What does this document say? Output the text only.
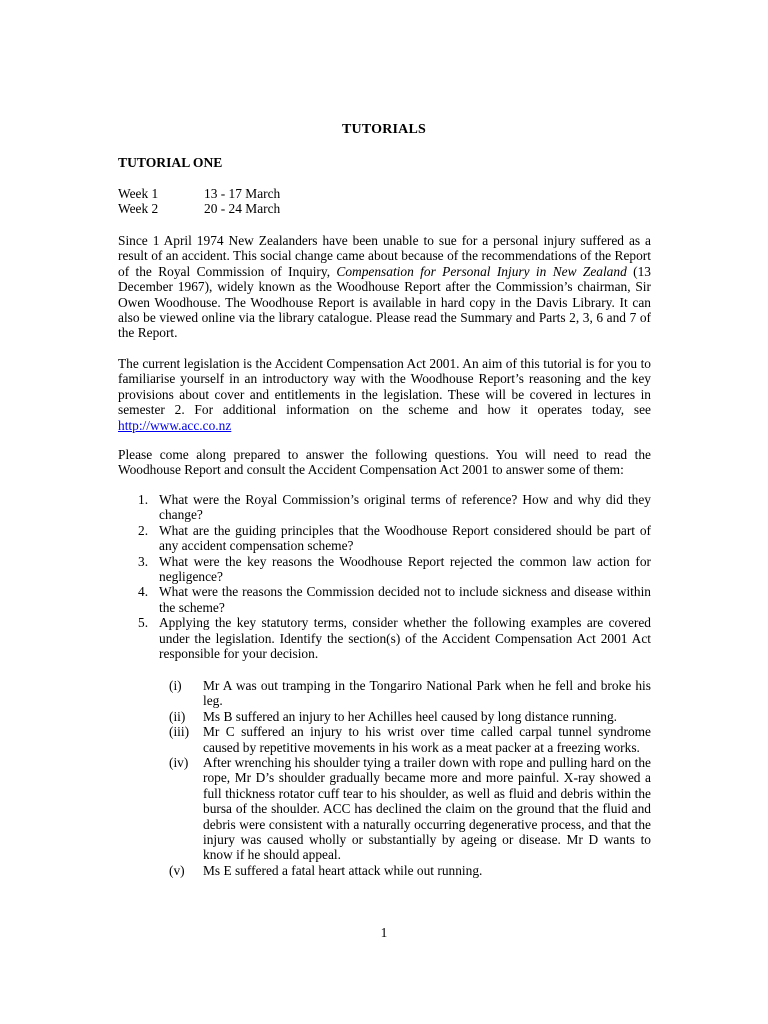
TUTORIALS
TUTORIAL ONE
Week 1	13 - 17 March
Week 2	20 - 24 March

Since 1 April 1974 New Zealanders have been unable to sue for a personal injury suffered as a result of an accident. This social change came about because of the recommendations of the Report of the Royal Commission of Inquiry, Compensation for Personal Injury in New Zealand (13 December 1967), widely known as the Woodhouse Report after the Commission’s chairman, Sir Owen Woodhouse. The Woodhouse Report is available in hard copy in the Davis Library. It can also be viewed online via the library catalogue. Please read the Summary and Parts 2, 3, 6 and 7 of the Report.

The current legislation is the Accident Compensation Act 2001. An aim of this tutorial is for you to familiarise yourself in an introductory way with the Woodhouse Report’s reasoning and the key provisions about cover and entitlements in the legislation. These will be covered in lectures in semester 2. For additional information on the scheme and how it operates today, see http://www.acc.co.nz

Please come along prepared to answer the following questions. You will need to read the Woodhouse Report and consult the Accident Compensation Act 2001 to answer some of them:

1. What were the Royal Commission’s original terms of reference? How and why did they change?
2. What are the guiding principles that the Woodhouse Report considered should be part of any accident compensation scheme?
3. What were the key reasons the Woodhouse Report rejected the common law action for negligence?
4. What were the reasons the Commission decided not to include sickness and disease within the scheme?
5. Applying the key statutory terms, consider whether the following examples are covered under the legislation. Identify the section(s) of the Accident Compensation Act 2001 Act responsible for your decision.
(i) Mr A was out tramping in the Tongariro National Park when he fell and broke his leg.
(ii) Ms B suffered an injury to her Achilles heel caused by long distance running.
(iii) Mr C suffered an injury to his wrist over time called carpal tunnel syndrome caused by repetitive movements in his work as a meat packer at a freezing works.
(iv) After wrenching his shoulder tying a trailer down with rope and pulling hard on the rope, Mr D’s shoulder gradually became more and more painful. X-ray showed a full thickness rotator cuff tear to his shoulder, as well as fluid and debris within the bursa of the shoulder. ACC has declined the claim on the ground that the fluid and debris were consistent with a naturally occurring degenerative process, and that the injury was caused wholly or substantially by ageing or disease. Mr D wants to know if he should appeal.
(v) Ms E suffered a fatal heart attack while out running.
1
